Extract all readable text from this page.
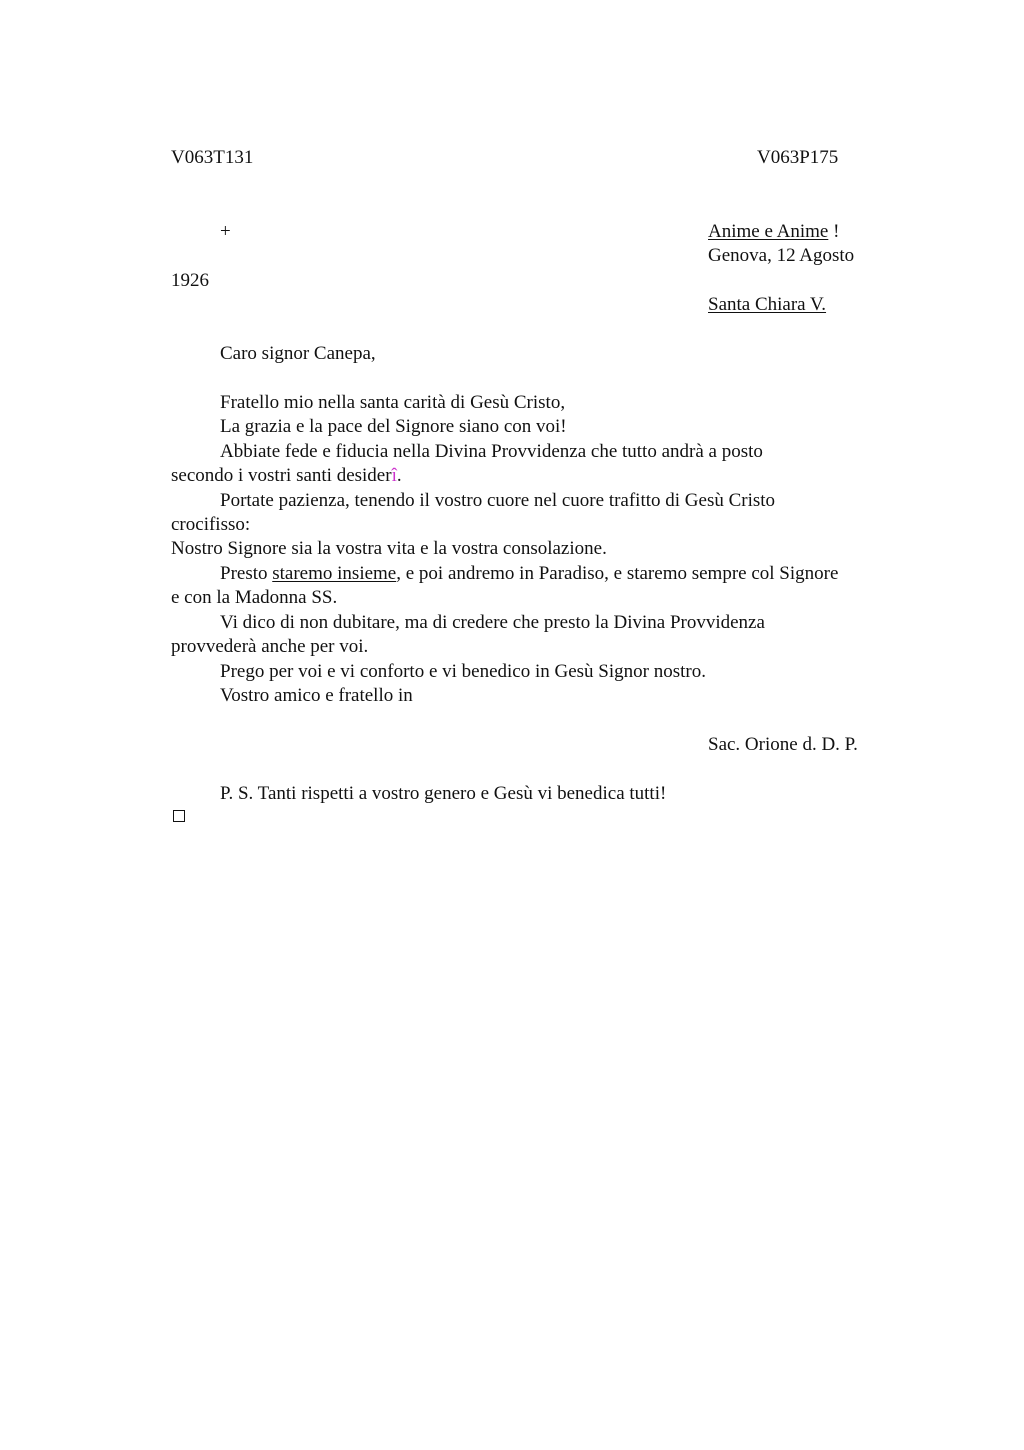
V063T131	V063P175
+	Anime e Anime !
Genova, 12 Agosto
1926
Santa Chiara V.
Caro signor Canepa,
Fratello mio nella santa carità di Gesù Cristo,
La grazia e la pace del Signore siano con voi!
Abbiate fede e fiducia nella Divina Provvidenza che tutto andrà a posto
secondo i vostri santi desiderî.
Portate pazienza, tenendo il vostro cuore nel cuore trafitto di Gesù Cristo
crocifisso:
Nostro Signore sia la vostra vita e la vostra consolazione.
Presto staremo insieme, e poi andremo in Paradiso, e staremo sempre col Signore
e con la Madonna SS.
Vi dico di non dubitare, ma di credere che presto la Divina Provvidenza
provvederà anche per voi.
Prego per voi e vi conforto e vi benedico in Gesù Signor nostro.
Vostro amico e fratello in
Sac. Orione d. D. P.
P. S. Tanti rispetti a vostro genero e Gesù vi benedica tutti!
